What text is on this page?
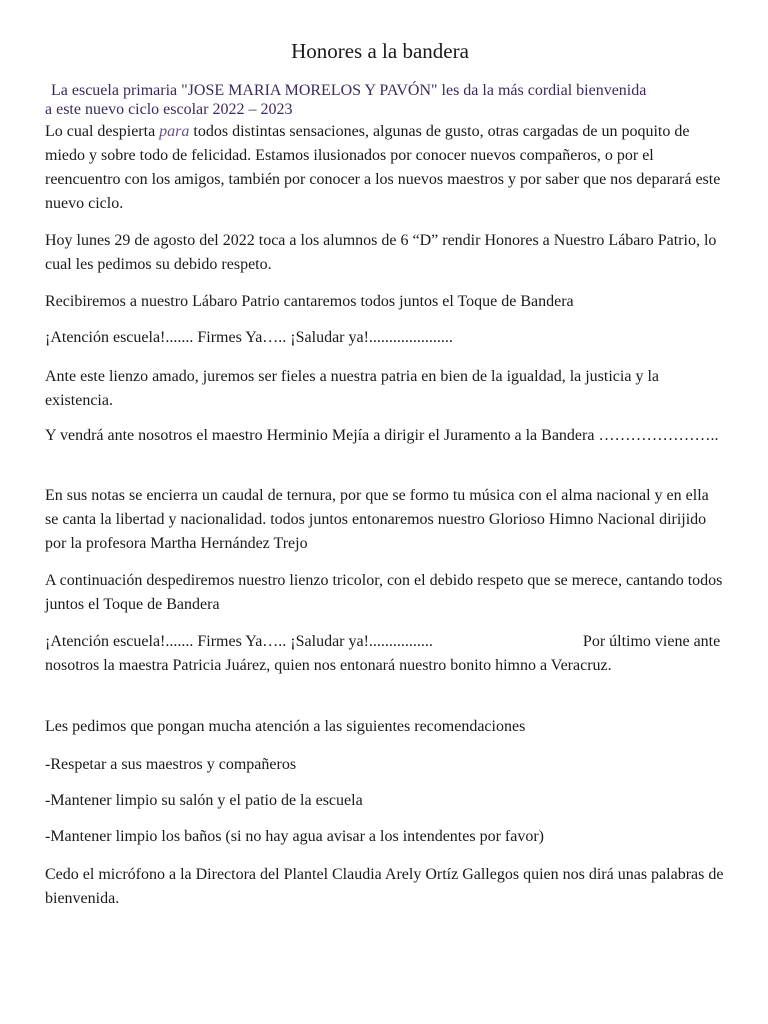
Honores a la bandera
La escuela primaria "JOSE MARIA MORELOS Y PAVÓN" les da la más cordial bienvenida
a este nuevo ciclo escolar 2022 – 2023

Lo cual despierta para todos distintas sensaciones, algunas de gusto, otras cargadas de un poquito de miedo y sobre todo de felicidad. Estamos ilusionados por conocer nuevos compañeros, o por el reencuentro con los amigos, también por conocer a los nuevos maestros y por saber que nos deparará este nuevo ciclo.

Hoy lunes 29 de agosto del 2022 toca a los alumnos de 6 “D” rendir Honores a Nuestro Lábaro Patrio, lo cual les pedimos su debido respeto.

Recibiremos a nuestro Lábaro Patrio cantaremos todos juntos el Toque de Bandera

¡Atención escuela!....... Firmes Ya….. ¡Saludar ya!.....................

Ante este lienzo amado, juremos ser fieles a nuestra patria en bien de la igualdad, la justicia y la existencia.

Y vendrá ante nosotros el maestro Herminio Mejía a dirigir el Juramento a la Bandera …………………..

En sus notas se encierra un caudal de ternura, por que se formo tu música con el alma nacional y en ella se canta la libertad y nacionalidad. todos juntos entonaremos nuestro Glorioso Himno Nacional dirijido por la profesora Martha Hernández Trejo

A continuación despediremos nuestro lienzo tricolor, con el debido respeto que se merece, cantando todos juntos el Toque de Bandera

¡Atención escuela!....... Firmes Ya….. ¡Saludar ya!................	Por último viene ante nosotros la maestra Patricia Juárez, quien nos entonará nuestro bonito himno a Veracruz.

Les pedimos que pongan mucha atención a las siguientes recomendaciones

-Respetar a sus maestros y compañeros

-Mantener limpio su salón y el patio de la escuela

-Mantener limpio los baños (si no hay agua avisar a los intendentes por favor)

Cedo el micrófono a la Directora del Plantel Claudia Arely Ortíz Gallegos quien nos dirá unas palabras de bienvenida.
